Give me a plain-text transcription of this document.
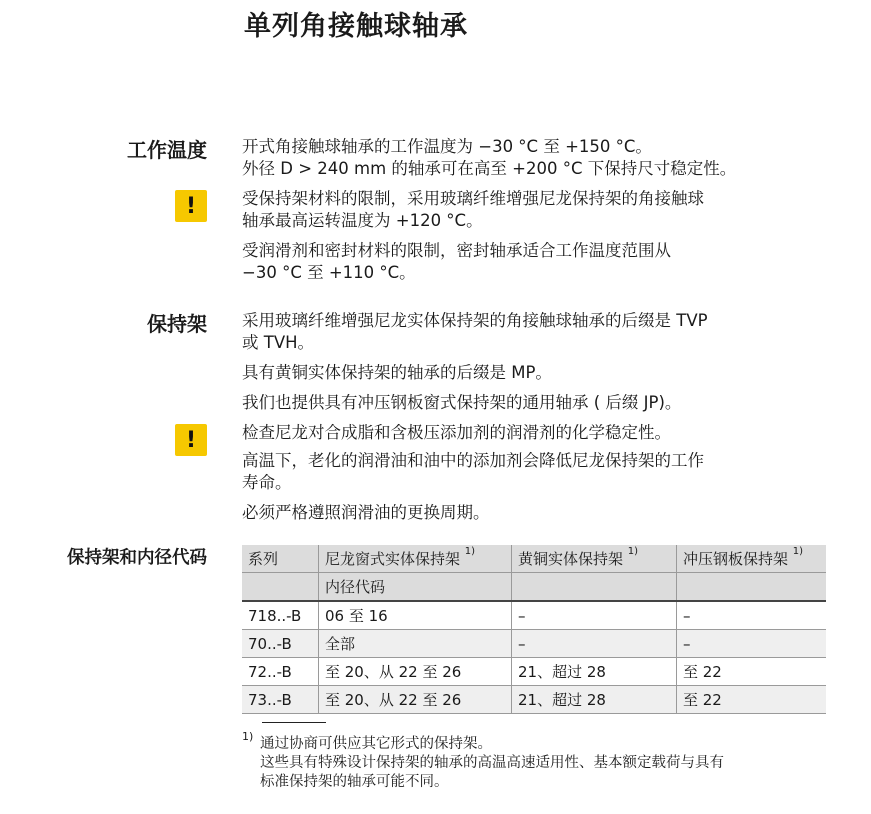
单列角接触球轴承
工作温度 开式角接触球轴承的工作温度为 −30 °C 至 +150 °C。
外径 D > 240 mm 的轴承可在高至 +200 °C 下保持尺寸稳定性。
!	受保持架材料的限制，采用玻璃纤维增强尼龙保持架的角接触球
轴承最高运转温度为 +120 °C。
受润滑剂和密封材料的限制，密封轴承适合工作温度范围从
−30 °C 至 +110 °C。
保持架 采用玻璃纤维增强尼龙实体保持架的角接触球轴承的后缀是 TVP
或 TVH。
具有黄铜实体保持架的轴承的后缀是 MP。
我们也提供具有冲压钢板窗式保持架的通用轴承 ( 后缀 JP)。
!	检查尼龙对合成脂和含极压添加剂的润滑剂的化学稳定性。
高温下，老化的润滑油和油中的添加剂会降低尼龙保持架的工作
寿命。
必须严格遵照润滑油的更换周期。
保持架和内径代码	系列	尼龙窗式实体保持架 $^{1)}$	黄铜实体保持架 $^{1)}$	冲压钢板保持架 $^{1)}$
	内径代码		
718..-B	06 至 16	–	–
70..-B	全部	–	–
72..-B	至 20、从 22 至 26	21、超过 28	至 22
73..-B	至 20、从 22 至 26	21、超过 28	至 22
1) 通过协商可供应其它形式的保持架。
这些具有特殊设计保持架的轴承的高温高速适用性、基本额定载荷与具有
标准保持架的轴承可能不同。
